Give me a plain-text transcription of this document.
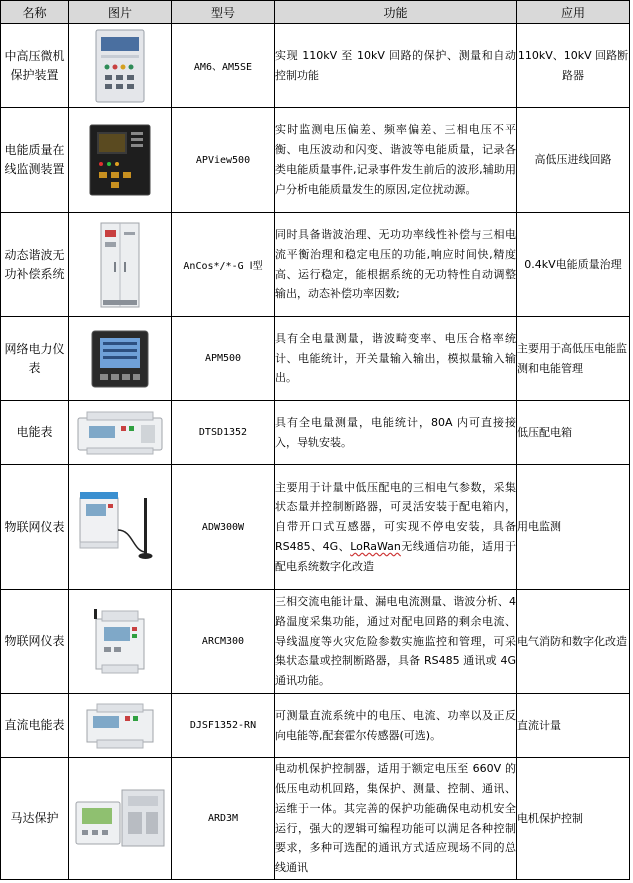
名称	图片	型号	功能	应用
中高压微机保护装置		AM6、AM5SE	实现 110kV 至 10kV 回路的保护、测量和自动控制功能	110kV、10kV 回路断路器
电能质量在线监测装置		APView500	实时监测电压偏差、频率偏差、三相电压不平衡、电压波动和闪变、谐波等电能质量，记录各类电能质量事件,记录事件发生前后的波形,辅助用户分析电能质量发生的原因,定位扰动源。	高低压进线回路
动态谐波无功补偿系统		AnCos*/*-G Ⅰ型	同时具备谐波治理、无功功率线性补偿与三相电流平衡治理和稳定电压的功能,响应时间快,精度高、运行稳定，能根据系统的无功特性自动调整输出，动态补偿功率因数;	0.4kV电能质量治理
网络电力仪表		APM500	具有全电量测量，谐波畸变率、电压合格率统计、电能统计，开关量输入输出，模拟量输入输出。	主要用于高低压电能监测和电能管理
电能表		DTSD1352	具有全电量测量，电能统计，80A 内可直接接入，导轨安装。	低压配电箱
物联网仪表		ADW300W	主要用于计量中低压配电的三相电气参数，采集状态量并控制断路器，可灵活安装于配电箱内，自带开口式互感器，可实现不停电安装，具备 RS485、4G、LoRaWan无线通信功能，适用于配电系统数字化改造	用电监测
物联网仪表		ARCM300	三相交流电能计量、漏电电流测量、谐波分析、4 路温度采集功能，通过对配电回路的剩余电流、导线温度等火灾危险参数实施监控和管理，可采集状态量或控制断路器，具备 RS485 通讯或 4G 通讯功能。	电气消防和数字化改造
直流电能表		DJSF1352-RN	可测量直流系统中的电压、电流、功率以及正反向电能等,配套霍尔传感器(可选)。	直流计量
马达保护		ARD3M	电动机保护控制器，适用于额定电压至 660V 的低压电动机回路，集保护、测量、控制、通讯、运维于一体。其完善的保护功能确保电动机安全运行，强大的逻辑可编程功能可以满足各种控制要求，多种可选配的通讯方式适应现场不同的总线通讯	电机保护控制
